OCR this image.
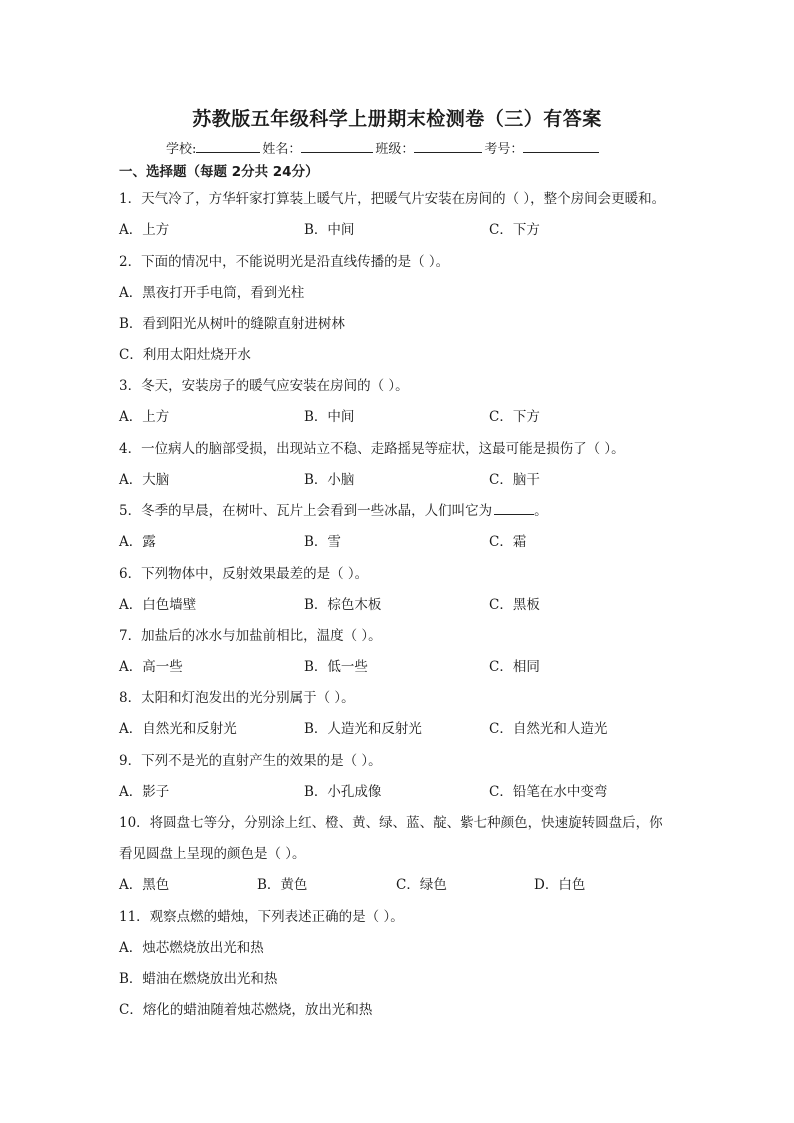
苏教版五年级科学上册期末检测卷（三）有答案
学校:	姓名：	班级：	考号：
一、选择题（每题 2分共 24分）
1．天气冷了，方华轩家打算装上暖气片，把暖气片安装在房间的（ ），整个房间会更暖和。
A．上方	B．中间	C．下方
2．下面的情况中，不能说明光是沿直线传播的是（ ）。
A．黑夜打开手电筒，看到光柱
B．看到阳光从树叶的缝隙直射进树林
C．利用太阳灶烧开水
3．冬天，安装房子的暖气应安装在房间的（ ）。
A．上方	B．中间	C．下方
4．一位病人的脑部受损，出现站立不稳、走路摇晃等症状，这最可能是损伤了（ ）。
A．大脑	B．小脑	C．脑干
5．冬季的早晨，在树叶、瓦片上会看到一些冰晶，人们叫它为	。
A．露	B．雪	C．霜
6．下列物体中，反射效果最差的是（ ）。
A．白色墙壁	B．棕色木板	C．黑板
7．加盐后的冰水与加盐前相比，温度（ ）。
A．高一些	B．低一些	C．相同
8．太阳和灯泡发出的光分别属于（ ）。
A．自然光和反射光	B．人造光和反射光	C．自然光和人造光
9．下列不是光的直射产生的效果的是（ ）。
A．影子	B．小孔成像	C．铅笔在水中变弯
10．将圆盘七等分，分别涂上红、橙、黄、绿、蓝、靛、紫七种颜色，快速旋转圆盘后，你
看见圆盘上呈现的颜色是（ ）。
A．黑色	B．黄色	C．绿色	D．白色
11．观察点燃的蜡烛，下列表述正确的是（ ）。
A．烛芯燃烧放出光和热
B．蜡油在燃烧放出光和热
C．熔化的蜡油随着烛芯燃烧，放出光和热
